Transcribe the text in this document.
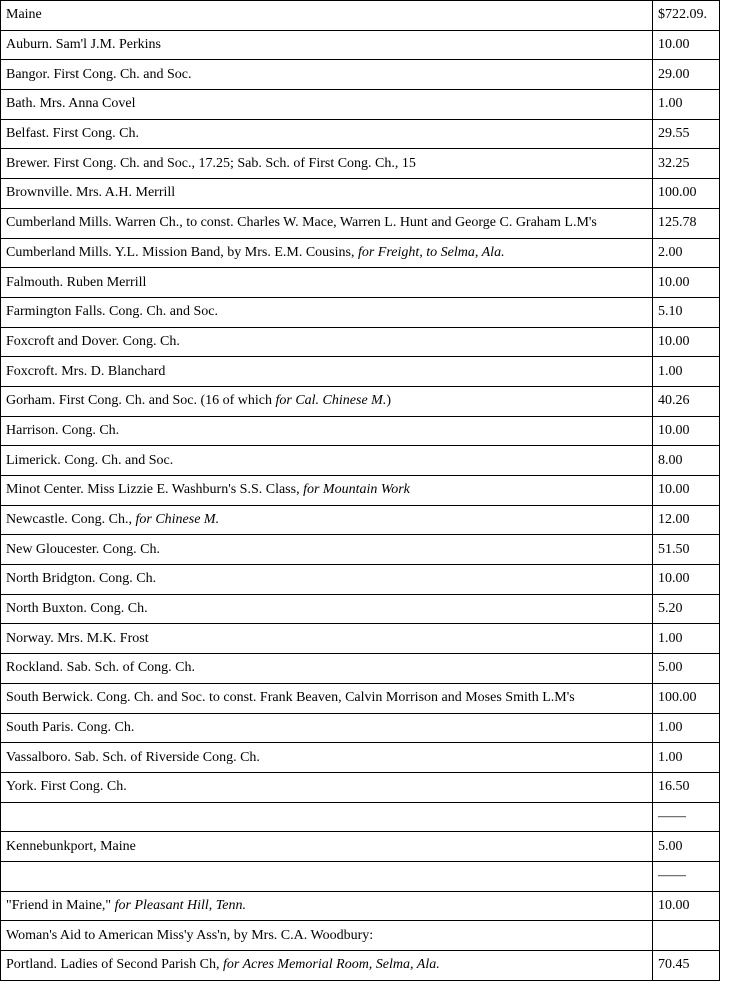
Maine	$722.09.
Auburn. Sam'l J.M. Perkins	10.00
Bangor. First Cong. Ch. and Soc.	29.00
Bath. Mrs. Anna Covel	1.00
Belfast. First Cong. Ch.	29.55
Brewer. First Cong. Ch. and Soc., 17.25; Sab. Sch. of First Cong. Ch., 15	32.25
Brownville. Mrs. A.H. Merrill	100.00
Cumberland Mills. Warren Ch., to const. Charles W. Mace, Warren L. Hunt and George C. Graham L.M's	125.78
Cumberland Mills. Y.L. Mission Band, by Mrs. E.M. Cousins, for Freight, to Selma, Ala.	2.00
Falmouth. Ruben Merrill	10.00
Farmington Falls. Cong. Ch. and Soc.	5.10
Foxcroft and Dover. Cong. Ch.	10.00
Foxcroft. Mrs. D. Blanchard	1.00
Gorham. First Cong. Ch. and Soc. (16 of which for Cal. Chinese M.)	40.26
Harrison. Cong. Ch.	10.00
Limerick. Cong. Ch. and Soc.	8.00
Minot Center. Miss Lizzie E. Washburn's S.S. Class, for Mountain Work	10.00
Newcastle. Cong. Ch., for Chinese M.	12.00
New Gloucester. Cong. Ch.	51.50
North Bridgton. Cong. Ch.	10.00
North Buxton. Cong. Ch.	5.20
Norway. Mrs. M.K. Frost	1.00
Rockland. Sab. Sch. of Cong. Ch.	5.00
South Berwick. Cong. Ch. and Soc. to const. Frank Beaven, Calvin Morrison and Moses Smith L.M's	100.00
South Paris. Cong. Ch.	1.00
Vassalboro. Sab. Sch. of Riverside Cong. Ch.	1.00
York. First Cong. Ch.	16.50
	——
Kennebunkport, Maine	5.00
	——
"Friend in Maine," for Pleasant Hill, Tenn.	10.00
Woman's Aid to American Miss'y Ass'n, by Mrs. C.A. Woodbury:	
Portland. Ladies of Second Parish Ch, for Acres Memorial Room, Selma, Ala.	70.45
